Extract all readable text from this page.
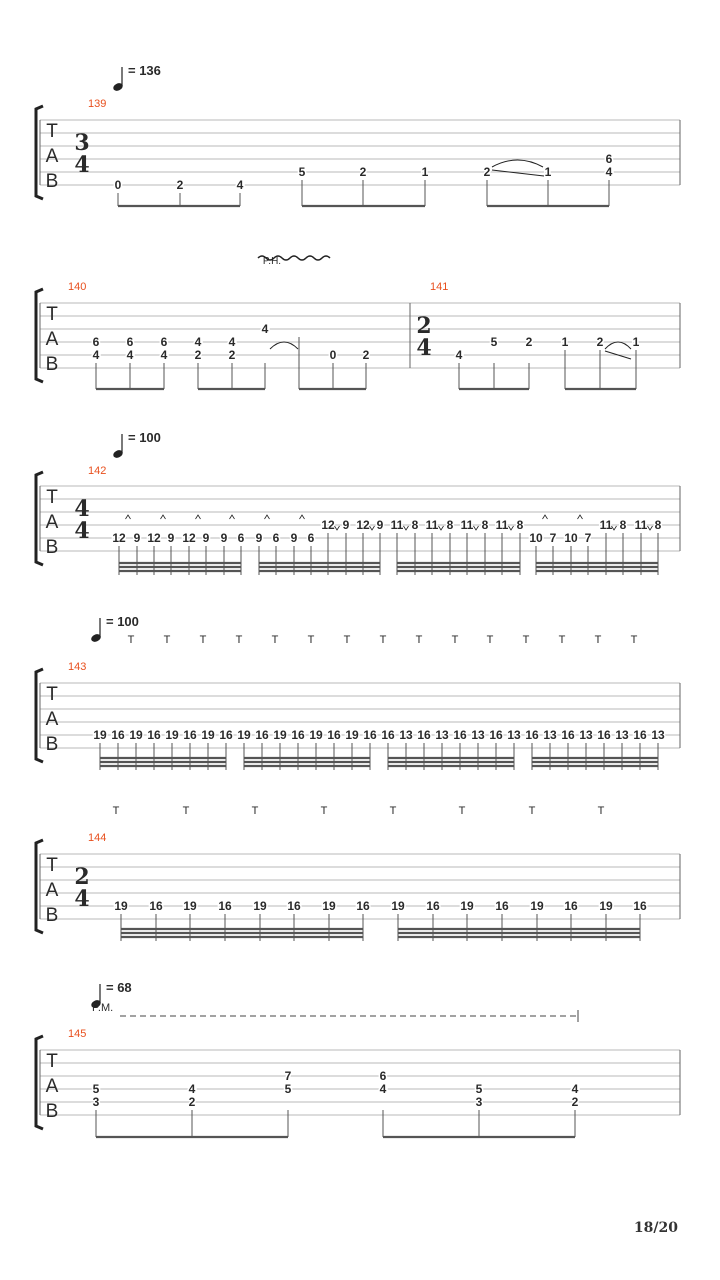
= 136
T
A
B
139
3
4
0	2	4
5	2	1	2	1
6
4
P.H.
T
A
B
140	141
2
4
6
4
6
4
6
4
4
2
4
2
4
0 2	4
5 2 1 2 1
= 100
T
A
B
142
4
4 12 9 12 9 12 9 9 6 9 6 9 6
12 9 12 9 11 8 11 8 11 8 11 8
10 7 10 7
11 8 11 8
= 100
T	T	T	T	T	T	T	T	T	T	T	T	T	T	T
T
A
B
143
19 16 19 16 19 16 19 16 19 16 19 16 19 16 19 16 16 13 16 13 16 13 16 13 16 13 16 13 16 13 16 13
T	T	T	T	T	T	T	T
T
A
B
144
2
4 19 16 19 16 19 16 19 16 19 16 19 16 19 16 19 16
= 68
P.M.
T
A
B
145
5
3
4
2
7
5
6
4	5
3
4
2
18/20
